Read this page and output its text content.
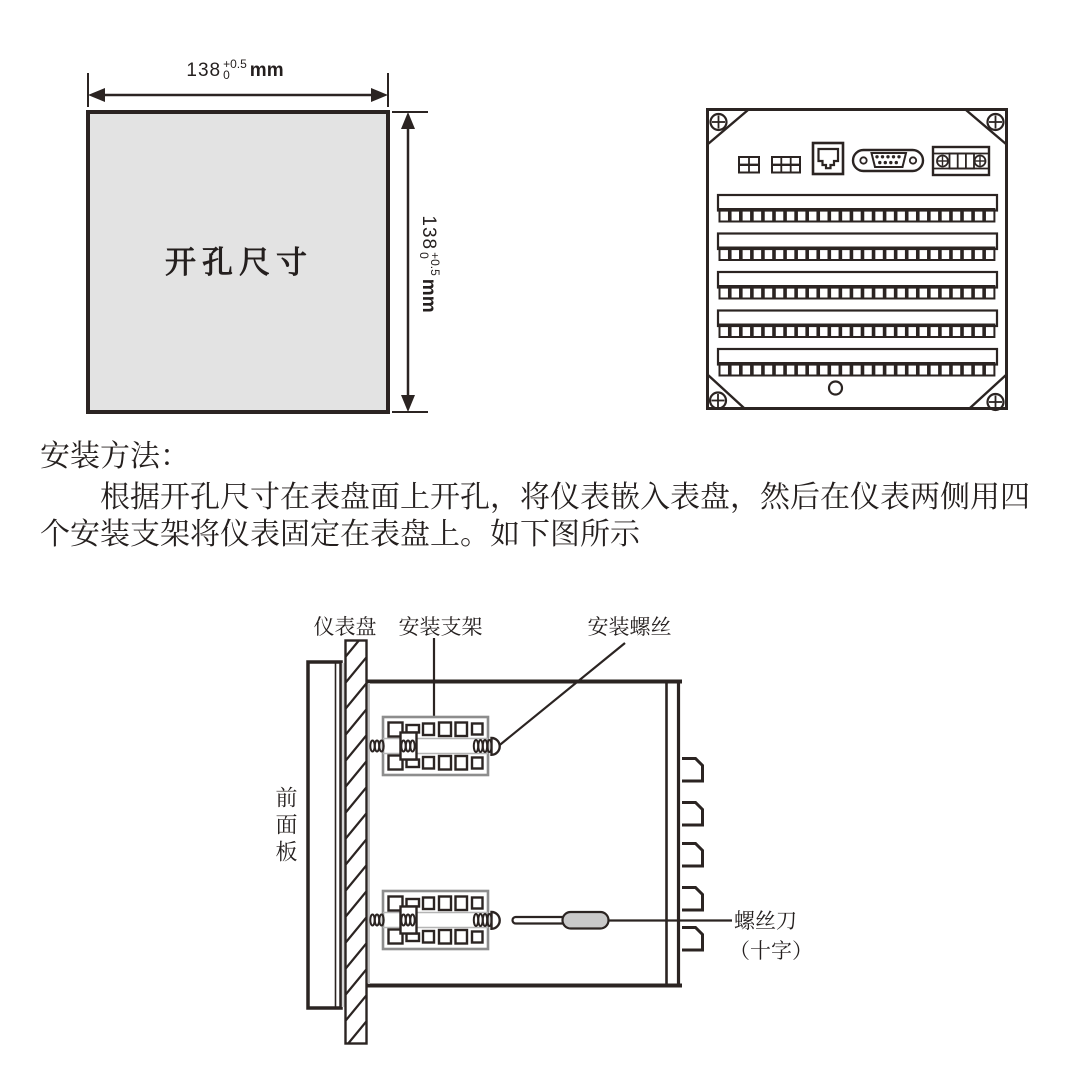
开孔尺寸
138 +0.5
0 mm
138
+0.5
0
mm
安装方法：

根据开孔尺寸在表盘面上开孔，将仪表嵌入表盘，然后在仪表两侧用四个安装支架将仪表固定在表盘上。如下图所示

仪表盘 安装支架	安装螺丝
螺丝刀
（十字）
前面板
